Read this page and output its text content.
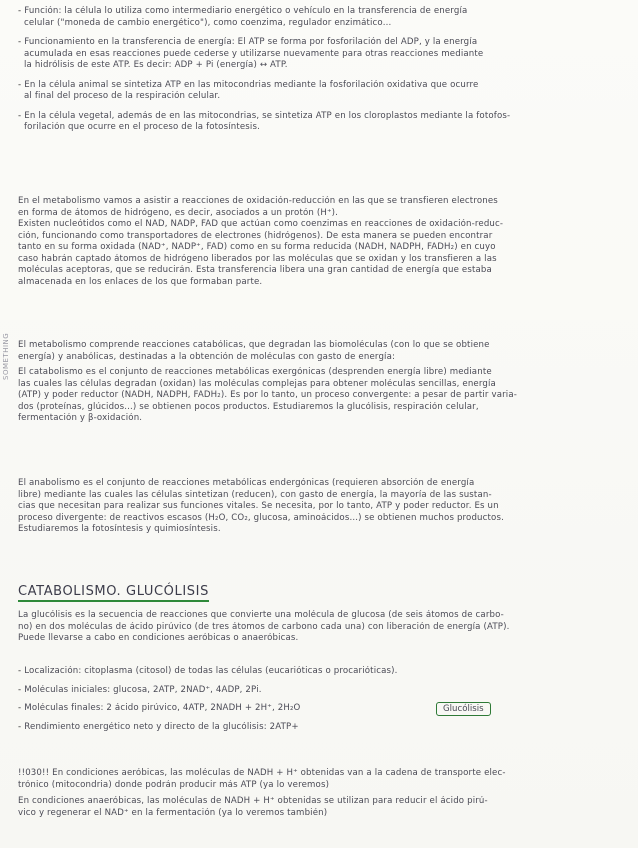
SOMETHING
- Función: la célula lo utiliza como intermediario energético o vehículo en la transferencia de energía
celular ("moneda de cambio energético"), como coenzima, regulador enzimático...
- Funcionamiento en la transferencia de energía: El ATP se forma por fosforilación del ADP, y la energía
acumulada en esas reacciones puede cederse y utilizarse nuevamente para otras reacciones mediante
la hidrólisis de este ATP. Es decir: ADP + Pi (energía) ↔ ATP.
- En la célula animal se sintetiza ATP en las mitocondrias mediante la fosforilación oxidativa que ocurre
al final del proceso de la respiración celular.
- En la célula vegetal, además de en las mitocondrias, se sintetiza ATP en los cloroplastos mediante la fotofos-
forilación que ocurre en el proceso de la fotosíntesis.
En el metabolismo vamos a asistir a reacciones de oxidación-reducción en las que se transfieren electrones
en forma de átomos de hidrógeno, es decir, asociados a un protón (H⁺).
Existen nucleótidos como el NAD, NADP, FAD que actúan como coenzimas en reacciones de oxidación-reduc-
ción, funcionando como transportadores de electrones (hidrógenos). De esta manera se pueden encontrar
tanto en su forma oxidada (NAD⁺, NADP⁺, FAD) como en su forma reducida (NADH, NADPH, FADH₂) en cuyo
caso habrán captado átomos de hidrógeno liberados por las moléculas que se oxidan y los transfieren a las
moléculas aceptoras, que se reducirán. Esta transferencia libera una gran cantidad de energía que estaba
almacenada en los enlaces de los que formaban parte.
El metabolismo comprende reacciones catabólicas, que degradan las biomoléculas (con lo que se obtiene
energía) y anabólicas, destinadas a la obtención de moléculas con gasto de energía:
El catabolismo es el conjunto de reacciones metabólicas exergónicas (desprenden energía libre) mediante
las cuales las células degradan (oxidan) las moléculas complejas para obtener moléculas sencillas, energía
(ATP) y poder reductor (NADH, NADPH, FADH₂). Es por lo tanto, un proceso convergente: a pesar de partir varia-
dos (proteínas, glúcidos...) se obtienen pocos productos. Estudiaremos la glucólisis, respiración celular,
fermentación y β-oxidación.
El anabolismo es el conjunto de reacciones metabólicas endergónicas (requieren absorción de energía
libre) mediante las cuales las células sintetizan (reducen), con gasto de energía, la mayoría de las sustan-
cias que necesitan para realizar sus funciones vitales. Se necesita, por lo tanto, ATP y poder reductor. Es un
proceso divergente: de reactivos escasos (H₂O, CO₂, glucosa, aminoácidos...) se obtienen muchos productos.
Estudiaremos la fotosíntesis y quimiosíntesis.
CATABOLISMO. GLUCÓLISIS
La glucólisis es la secuencia de reacciones que convierte una molécula de glucosa (de seis átomos de carbo-
no) en dos moléculas de ácido pirúvico (de tres átomos de carbono cada una) con liberación de energía (ATP).
Puede llevarse a cabo en condiciones aeróbicas o anaeróbicas.
- Localización: citoplasma (citosol) de todas las células (eucarióticas o procarióticas).
- Moléculas iniciales: glucosa, 2ATP, 2NAD⁺, 4ADP, 2Pi.
- Moléculas finales: 2 ácido pirúvico, 4ATP, 2NADH + 2H⁺, 2H₂O
- Rendimiento energético neto y directo de la glucólisis: 2ATP+
Glucólisis
!!030!! En condiciones aeróbicas, las moléculas de NADH + H⁺ obtenidas van a la cadena de transporte elec-
trónico (mitocondria) donde podrán producir más ATP (ya lo veremos)
En condiciones anaeróbicas, las moléculas de NADH + H⁺ obtenidas se utilizan para reducir el ácido pirú-
vico y regenerar el NAD⁺ en la fermentación (ya lo veremos también)
